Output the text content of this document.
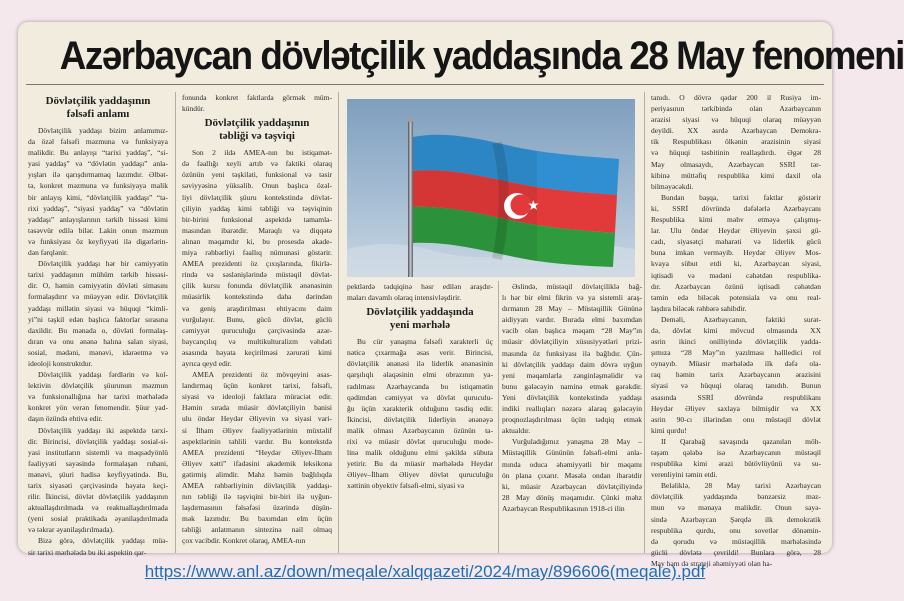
Azərbaycan dövlətçilik yaddaşında 28 May fenomeni
Dövlətçilik yaddaşının
fəlsəfi anlamı
Dövlətçilik yaddaşı bizim anlamımız-
da özəl fəlsəfi məzmuna və funksiyaya
malikdir. Bu anlayışı “tarixi yaddaş”, “si-
yasi yaddaş” və “dövlətin yaddaşı” anla-
yışları ilə qarışdırmamaq lazımdır. Əlbət-
tə, konkret məzmuna və funksiyaya malik
bir anlayış kimi, “dövlətçilik yaddaşı” “ta-
rixi yaddaş”, “siyasi yaddaş” və “dövlətin
yaddaşı” anlayışlarının tərkib hissəsi kimi
təsəvvür edilə bilər. Lakin onun məzmun
və funksiyası öz keyfiyyəti ilə digərlərin-
dən fərqlənir.
Dövlətçilik yaddaşı hər bir cəmiyyətin
tarixi yaddaşının mühüm tərkib hissəsi-
dir. O, həmin cəmiyyətin dövləti simasını
formalaşdırır və müəyyən edir. Dövlətçilik
yaddaşı millətin siyasi və hüquqi “kimli-
yi”ni təşkil edən başlıca faktorlar sırasına
daxildir. Bu mənada o, dövləti formalaş-
dıran və onu ənənə halına salan siyasi,
sosial, mədəni, mənəvi, idarəetmə və
ideoloji konstruktdur.
Dövlətçilik yaddaşı fərdlərin və kol-
lektivin dövlətçilik şüurunun məzmun
və funksionallığına hər tarixi mərhələdə
konkret yön verən fenomendir. Şüur yad-
daşın özündə ehtiva edir.
Dövlətçilik yaddaşı iki aspektdə tərxi-
dir. Birincisi, dövlətçilik yaddaşı sosial-si-
yasi institutların sistemli və məqsədyönlü
fəaliyyəti sayəsində formalaşan ruhani,
mənəvi, şüuri hadisə keyfiyyətində. Bu,
tarix siyasəti çərçivəsində həyata keçi-
rilir. İkincisi, dövlət dövlətçilik yaddaşının
aktuallaşdırılmada və reaktuallaşdırılmada
(yeni sosial praktikada əyanilaşdırılmada
və təkrar əyanilaşdırılmada).
Bizə görə, dövlətçilik yaddaşı müə-
sir tarixi mərhələdə bu iki aspektin qar-
fonunda konkret faktlarda görmək müm-
kündür.
Dövlətçilik yaddaşının
təbliği və təşviqi
Son 2 ildə AMEA-nın bu istiqamət-
də fəallığı xeyli artıb və faktiki olaraq
özünün yeni təşkilati, funksional və təsir
səviyyəsinə yüksəlib. Onun başlıca özəl-
liyi dövlətçilik şüuru kontekstində dövlət-
çiliyin yaddaş kimi təbliği və təşviqinin
bir-birini funksional aspektdə tamamla-
masından ibarətdir. Maraqlı və diqqətə
alınan məqamdır ki, bu prosesdə akade-
miya rəhbərliyi fəallıq nümunəsi göstərir.
AMEA prezidenti öz çıxışlarında, fikirlə-
rində və səslənişlərində müstəqil dövlət-
çilik kursu fonunda dövlətçilik ənənəsinin
müasirlik kontekstində daha dərindən
və geniş araşdırılması ehtiyacını daim
vurğulayır. Bunu, gücü dövlət, güclü
cəmiyyət quruculuğu çərçivəsində azər-
baycançılıq və multikulturalizm vəhdəti
əsasında həyata keçirilməsi zərurəti kimi
ayrıca qeyd edir.
AMEA prezidenti öz mövqeyini əsas-
landırmaq üçün konkret tarixi, fəlsəfi,
siyasi və ideoloji faktlara müraciət edir.
Həmin sırada müasir dövlətçiliyin banisi
ulu öndər Heydər Əliyevin və siyasi vari-
si İlham Əliyev fəaliyyətlərinin müxtəlif
aspektlərinin təhlili vardır. Bu kontekstdə
AMEA prezidenti “Heydər Əliyev-İlham
Əliyev xətti” ifadəsini akademik leksikona
gətirmiş alimdir. Mahz həmin bağlılıqda
AMEA rəhbərliyinin dövlətçilik yaddaşı-
nın təbliği ilə təşviqini bir-biri ilə uyğun-
laşdırmasının fəlsəfəsi üzərində düşün-
mək lazımdır. Bu baxımdan elm üçün
təbliği anlatmanın sintezinə nail olmaq
çox vacibdir. Konkret olaraq, AMEA-nın
pektlərdə tədqiqinə həsr edilən araşdır-
maları davamlı olaraq intensivləşdirir.
Dövlətçilik yaddaşında
yeni mərhələ
Bu cür yanaşma fəlsəfi xarakterli üç
nəticə çıxarmağa əsas verir. Birincisi,
dövlətçilik ənənəsi ilə liderlik ənənəsinin
qarşılıqlı əlaqəsinin elmi obrazının ya-
radılması Azərbaycanda bu istiqamətin
qədimdən cəmiyyət və dövlət quruculu-
ğu üçün xarakterik olduğunu təsdiq edir.
İkincisi, dövlətçilik liderliyin ənənəyə
malik olması Azərbaycanın özünün ta-
rixi və müasir dövlət quruculuğu mode-
linə malik olduğunu elmi şəkildə sübuta
yetirir. Bu da müasir mərhələdə Heydər
Əliyev–İlham Əliyev dövlət quruculuğu
xəttinin obyektiv fəlsəfi-elmi, siyasi və
Əslində, müstəqil dövlətçiliklə bağ-
lı hər bir elmi fikrin və ya sistemli araş-
dırmanın 28 May – Müstəqillik Gününə
aidiyyatı vardır. Burada elmi baxımdan
vacib olan başlıca məqam “28 May”ın
müasir dövlətçiliyin xüsusiyyətləri prizi-
masında öz funksiyası ilə bağlıdır. Çün-
ki dövlətçilik yaddaşı daim dövrə uyğun
yeni məqamlarla zənginləşməlidir və
bunu gələcəyin naminə etmək gərəkdir.
Yeni dövlətçilik kontekstində yaddaşı
indiki reallıqları nəzərə alaraq gələcəyin
proqnozlaşdırılması üçün tədqiq etmək
aktualdır.
Vurğuladığımız yanaşma 28 May –
Müstəqillik Gününün fəlsəfi-elmi anla-
mında oduca əhəmiyyətli bir məqamı
ön plana çıxarır. Məsələ ondan ibarətdir
ki, müasir Azərbaycan dövlətçiliyində
28 May dönüş məqamıdır. Çünki məhz
Azərbaycan Respublikasının 1918-ci ilin
tanıdı. O dövrə qədər 200 il Rusiya im-
periyasının tərkibində olan Azərbaycanın
ərazisi siyasi və hüquqi olaraq müəyyən
deyildi. XX əsrdə Azərbaycan Demokra-
tik Respublikası ölkənin ərazisinin siyasi
və hüquqi təsbitinin reallaşdırdı. Əgər 28
May olmasaydı, Azərbaycan SSRİ tər-
kibinə müttəfiq respublika kimi daxil ola
bilməyəcəkdi.
Bundan başqa, tarixi faktlar göstərir
ki, SSRİ dövründə dəfələrlə Azərbaycanı
Respublika kimi məhv etməyə çalışmış-
lar. Ulu öndər Heydər Əliyevin şəxsi gü-
cadı, siyasətçi məharəti və liderlik gücü
buna imkan verməyib. Heydər Əliyev Mos-
kvaya sübut etdi ki, Azərbaycan siyasi,
iqtisadi və mədəni cəhətdən respublika-
dır. Azərbaycan özünü iqtisadi cəhətdən
təmin edə biləcək potensiala və onu real-
laşdıra biləcək rəhbərə sahibdir.
Deməli, Azərbaycanın, faktiki surət-
də, dövlət kimi mövcud olmasında XX
əsrin ikinci onilliyində dövlətçilik yadda-
şımıza “28 May”ın yazılması həllledici rol
oynayıb. Müasir mərhələdə ilk dəfə ola-
raq həmin tarix Azərbaycanın ərazisini
siyasi və hüquqi olaraq tanıdıb. Bunun
əsasında SSRİ dövründə respublikanı
Heydər Əliyev saxlaya bilmişdir və XX
əsrin 90-cı illərindən onu müstəqil dövlət
kimi qurdu!
II Qarabağ savaşında qazanılan möh-
təşəm qələbə isə Azərbaycanın müstəqil
respublika kimi ərazi bütövlüyünü və su-
verenliyini təmin etdi.
Beləliklə, 28 May tarixi Azərbaycan
dövlətçilik yaddaşında bənzərsiz məz-
mun və mənaya malikdir. Onun sayə-
sində Azərbaycan Şərqdə ilk demokratik
respublika qurdu, onu sovetlər dönəmin-
də qorudu və müstəqillik mərhələsində
güclü dövlətə çevrildi! Bunlara görə, 28
May həm də strateji əhəmiyyəti olan ha-
https://www.anl.az/down/meqale/xalqqazeti/2024/may/896606(meqale).pdf
